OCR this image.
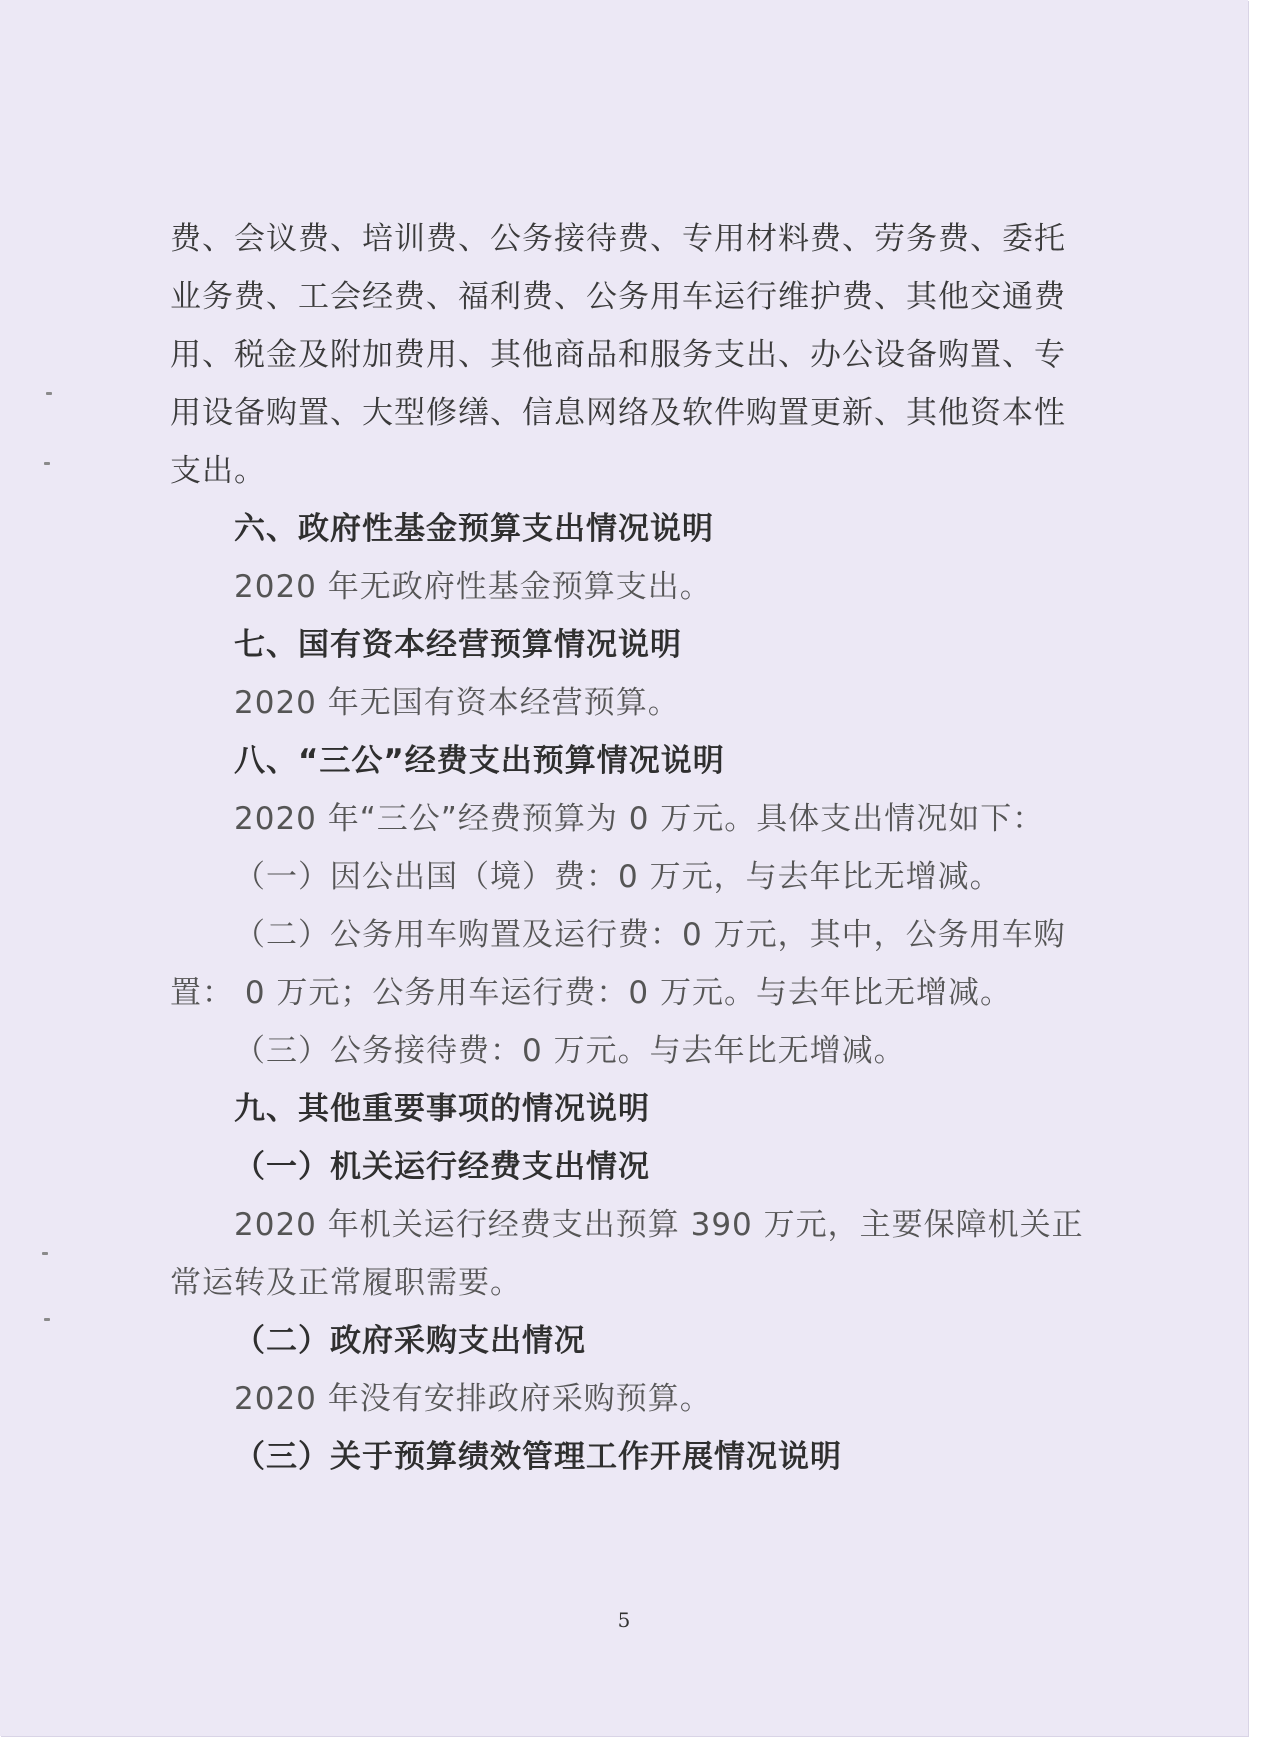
费、会议费、培训费、公务接待费、专用材料费、劳务费、委托

业务费、工会经费、福利费、公务用车运行维护费、其他交通费

用、税金及附加费用、其他商品和服务支出、办公设备购置、专

用设备购置、大型修缮、信息网络及软件购置更新、其他资本性

支出。

六、政府性基金预算支出情况说明

2020 年无政府性基金预算支出。

七、国有资本经营预算情况说明

2020 年无国有资本经营预算。

八、“三公”经费支出预算情况说明

2020 年“三公”经费预算为 0 万元。具体支出情况如下：

（一）因公出国（境）费：0 万元，与去年比无增减。

（二）公务用车购置及运行费：0 万元，其中，公务用车购

置： 0 万元；公务用车运行费：0 万元。与去年比无增减。

（三）公务接待费：0 万元。与去年比无增减。

九、其他重要事项的情况说明

（一）机关运行经费支出情况

2020 年机关运行经费支出预算 390 万元，主要保障机关正

常运转及正常履职需要。

（二）政府采购支出情况

2020 年没有安排政府采购预算。

（三）关于预算绩效管理工作开展情况说明

5
